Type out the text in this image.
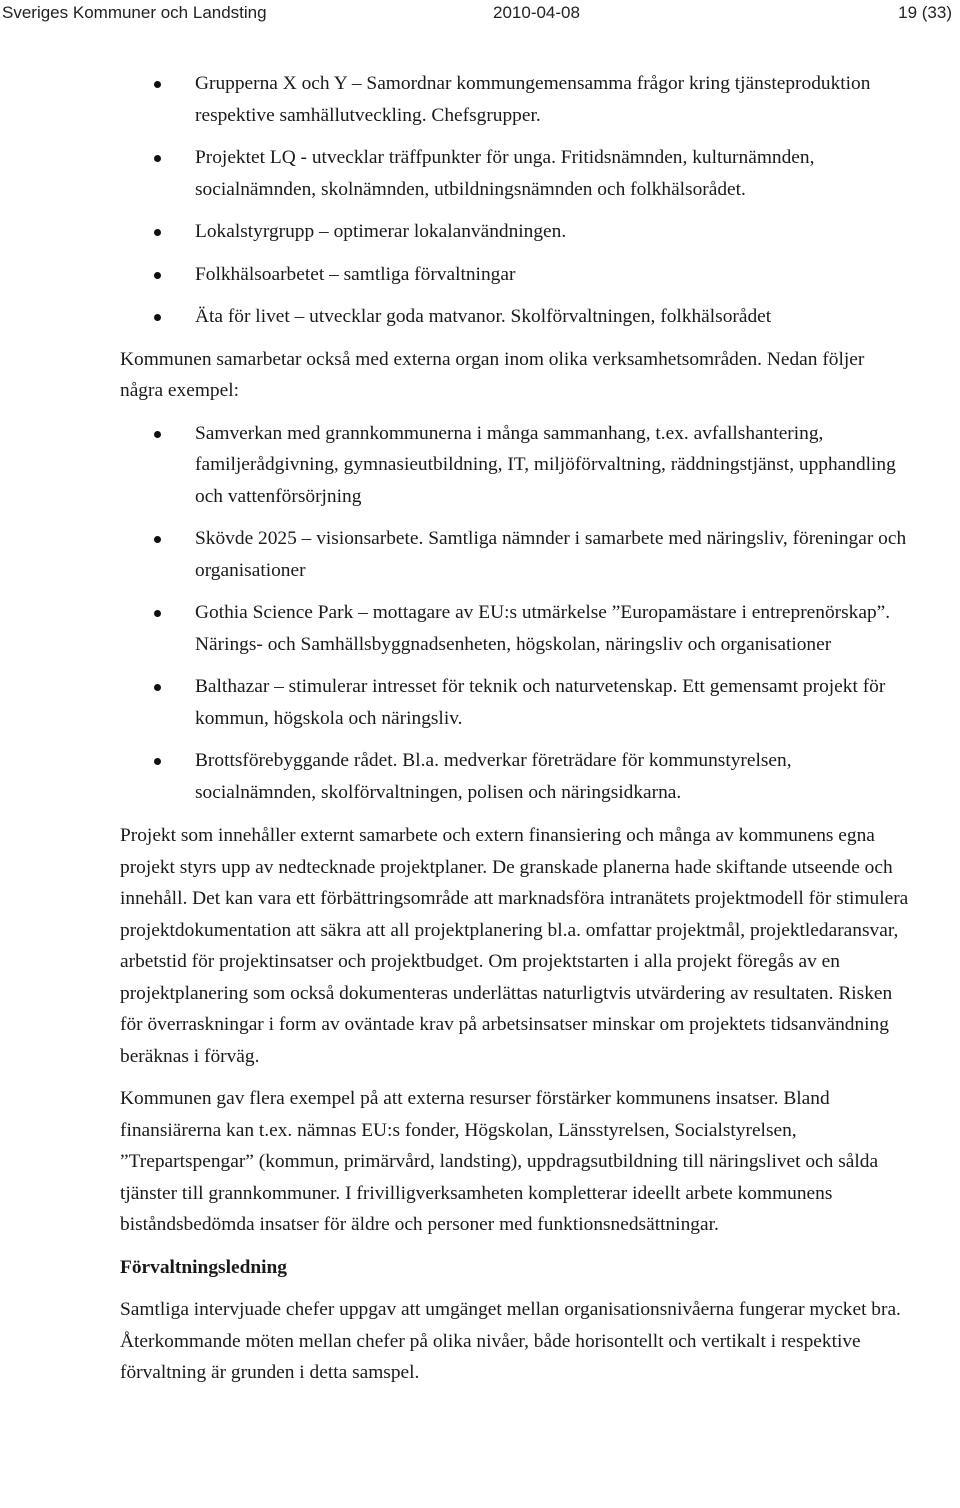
Sveriges Kommuner och Landsting	2010-04-08	19 (33)
Grupperna X och Y – Samordnar kommungemensamma frågor kring tjänsteproduktion respektive samhällutveckling. Chefsgrupper.
Projektet LQ - utvecklar träffpunkter för unga. Fritidsnämnden, kulturnämnden, socialnämnden, skolnämnden, utbildningsnämnden och folkhälsorådet.
Lokalstyrgrupp – optimerar lokalanvändningen.
Folkhälsoarbetet – samtliga förvaltningar
Äta för livet – utvecklar goda matvanor. Skolförvaltningen, folkhälsorådet

Kommunen samarbetar också med externa organ inom olika verksamhetsområden. Nedan följer några exempel:

Samverkan med grannkommunerna i många sammanhang, t.ex. avfallshantering, familjerådgivning, gymnasieutbildning, IT, miljöförvaltning, räddningstjänst, upphandling och vattenförsörjning
Skövde 2025 – visionsarbete. Samtliga nämnder i samarbete med näringsliv, föreningar och organisationer
Gothia Science Park – mottagare av EU:s utmärkelse ”Europamästare i entreprenörskap”. Närings- och Samhällsbyggnadsenheten, högskolan, näringsliv och organisationer
Balthazar – stimulerar intresset för teknik och naturvetenskap. Ett gemensamt projekt för kommun, högskola och näringsliv.
Brottsförebyggande rådet. Bl.a. medverkar företrädare för kommunstyrelsen, socialnämnden, skolförvaltningen, polisen och näringsidkarna.

Projekt som innehåller externt samarbete och extern finansiering och många av kommunens egna projekt styrs upp av nedtecknade projektplaner. De granskade planerna hade skiftande utseende och innehåll. Det kan vara ett förbättringsområde att marknadsföra intranätets projektmodell för stimulera projektdokumentation att säkra att all projektplanering bl.a. omfattar projektmål, projektledaransvar, arbetstid för projektinsatser och projektbudget. Om projektstarten i alla projekt föregås av en projektplanering som också dokumenteras underlättas naturligtvis utvärdering av resultaten. Risken för överraskningar i form av oväntade krav på arbetsinsatser minskar om projektets tidsanvändning beräknas i förväg.

Kommunen gav flera exempel på att externa resurser förstärker kommunens insatser. Bland finansiärerna kan t.ex. nämnas EU:s fonder, Högskolan, Länsstyrelsen, Socialstyrelsen, ”Trepartspengar” (kommun, primärvård, landsting), uppdragsutbildning till näringslivet och sålda tjänster till grannkommuner. I frivilligverksamheten kompletterar ideellt arbete kommunens biståndsbedömda insatser för äldre och personer med funktionsnedsättningar.

Förvaltningsledning

Samtliga intervjuade chefer uppgav att umgänget mellan organisationsnivåerna fungerar mycket bra. Återkommande möten mellan chefer på olika nivåer, både horisontellt och vertikalt i respektive förvaltning är grunden i detta samspel.
